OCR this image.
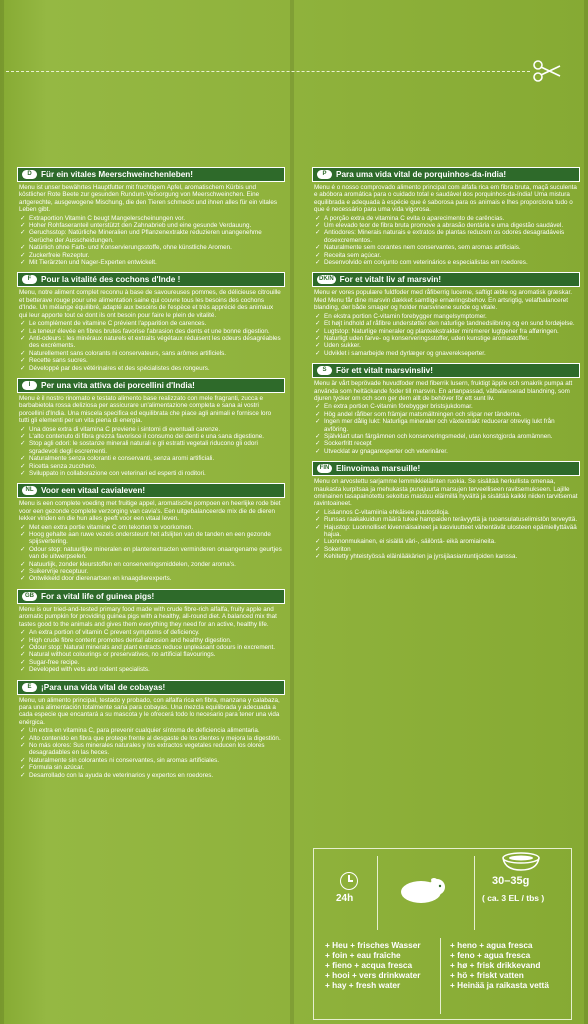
D	Für ein vitales Meerschweinchenleben!
Menu ist unser bewährtes Hauptfutter mit fruchtigem Apfel, aromatischem Kürbis und köstlicher Rote Beete zur gesunden Rundum-Versorgung von Meerschweinchen. Eine artgerechte, ausgewogene Mischung, die den Tieren schmeckt und ihnen alles für ein vitales Leben gibt.
✓ Extraportion Vitamin C beugt Mangelerscheinungen vor.
✓ Hoher Rohfaseranteil unterstützt den Zahnabrieb und eine gesunde Verdauung.
✓ Geruchsstop: Natürliche Mineralien und Pflanzenextrakte reduzieren unangenehme Gerüche der Ausscheidungen.
✓ Natürlich ohne Farb- und Konservierungsstoffe, ohne künstliche Aromen.
✓ Zuckerfreie Rezeptur.
✓ Mit Tierärzten und Nager-Experten entwickelt.
F	Pour la vitalité des cochons d'Inde !
Menu, notre aliment complet reconnu à base de savoureuses pommes, de délicieuse citrouille et betterave rouge pour une alimentation saine qui couvre tous les besoins des cochons d'Inde. Un mélange équilibré, adapté aux besoins de l'espèce et très apprécié des animaux qui leur apporte tout ce dont ils ont besoin pour faire le plein de vitalité.
✓ Le complément de vitamine C prévient l'apparition de carences.
✓ La teneur élevée en fibres brutes favorise l'abrasion des dents et une bonne digestion.
✓ Anti-odeurs : les minéraux naturels et extraits végétaux réduisent les odeurs désagréables des excréments.
✓ Naturellement sans colorants ni conservateurs, sans arômes artificiels.
✓ Recette sans sucres.
✓ Développé par des vétérinaires et des spécialistes des rongeurs.
I	Per una vita attiva dei porcellini d'India!
Menu è il nostro rinomato e testato alimento base realizzato con mele fragranti, zucca e barbabietola rossa deliziosa per assicurare un'alimentazione completa e sana ai vostri porcellini d'India. Una miscela specifica ed equilibrata che piace agli animali e fornisce loro tutti gli elementi per un vita piena di energia.
✓ Una dose extra di vitamina C previene i sintomi di eventuali carenze.
✓ L'alto contenuto di fibra grezza favorisce il consumo dei denti e una sana digestione.
✓ Stop agli odori: le sostanze minerali naturali e gli estratti vegetali riducono gli odori sgradevoli degli escrementi.
✓ Naturalmente senza coloranti e conservanti, senza aromi artificiali.
✓ Ricetta senza zucchero.
✓ Sviluppato in collaborazione con veterinari ed esperti di roditori.
NL Voor een vitaal cavialeven!
Menu is een complete voeding met fruitige appel, aromatische pompoen en heerlijke rode biet voor een gezonde complete verzorging van cavia's. Een uitgebalanceerde mix die de dieren lekker vinden en die hun alles geeft voor een vitaal leven.
✓ Met een extra portie vitamine C om tekorten te voorkomen.
✓ Hoog gehalte aan ruwe vezels ondersteunt het afslijten van de tanden en een gezonde spijsvertering.
✓ Odour stop: natuurlijke mineralen en plantenextracten verminderen onaangename geurtjes van de uitwerpselen.
✓ Natuurlijk, zonder kleurstoffen en conserveringsmiddelen, zonder aroma's.
✓ Suikervrije receptuur.
✓ Ontwikkeld door dierenartsen en knaagdierexperts.
GB For a vital life of guinea pigs!
Menu is our tried-and-tested primary food made with crude fibre-rich alfalfa, fruity apple and aromatic pumpkin for providing guinea pigs with a healthy, all-round diet. A balanced mix that tastes good to the animals and gives them everything they need for an active, healthy life.
✓ An extra portion of vitamin C prevent symptoms of deficiency.
✓ High crude fibre content promotes dental abrasion and healthy digestion.
✓ Odour stop: Natural minerals and plant extracts reduce unpleasant odours in excrement.
✓ Natural without colourings or preservatives, no artificial flavourings.
✓ Sugar-free recipe.
✓ Developed with vets and rodent specialists.
E	¡Para una vida vital de cobayas!
Menu, un alimento principal, testado y probado, con alfalfa rica en fibra, manzana y calabaza, para una alimentación totalmente sana para cobayas. Una mezcla equilibrada y adecuada a cada especie que encantará a su mascota y le ofrecerá todo lo necesario para tener una vida enérgica.
✓ Un extra en vitamina C, para prevenir cualquier síntoma de deficiencia alimentaria.
✓ Alto contenido en fibra que protege frente al desgaste de los dientes y mejora la digestión.
✓ No más olores: Sus minerales naturales y los extractos vegetales reducen los olores desagradables en las heces.
✓ Naturalmente sin colorantes ni conservantes, sin aromas artificiales.
✓ Fórmula sin azúcar.
✓ Desarrollado con la ayuda de veterinarios y expertos en roedores.
P	Para uma vida vital de porquinhos-da-índia!
Menu é o nosso comprovado alimento principal com alfafa rica em fibra bruta, maçã suculenta e abóbora aromática para o cuidado total e saudável dos porquinhos-da-índia! Uma mistura equilibrada e adequada à espécie que é saborosa para os animais e lhes proporciona tudo o que é necessário para uma vida vigorosa.
✓ A porção extra de vitamina C evita o aparecimento de carências.
✓ Um elevado teor de fibra bruta promove a abrasão dentária e uma digestão saudável.
✓ Antiodores: Minerais naturais e extratos de plantas reduzem os odores desagradáveis dosexcrementos.
✓ Naturalmente sem corantes nem conservantes, sem aromas artificiais.
✓ Receita sem açúcar.
✓ Desenvolvido em conjunto com veterinários e especialistas em roedores.
DK/N For et vitalt liv af marsvin!
Menu er vores populære fuldfoder med råfiberrig lucerne, saftigt æble og aromatisk græskar. Med Menu får dine marsvin dækket samtlige ernæringsbehov. En artsrigtig, velafbalanceret blanding, der både smager og holder marsvinene sunde og vitale.
✓ En ekstra portion C-vitamin forebygger mangelsymptomer.
✓ Et højt indhold af råfibre understøtter den naturlige tandnedslibning og en sund fordøjelse.
✓ Lugtstop: Naturlige mineraler og planteekstrakter minimerer lugtgener fra afføringen.
✓ Naturligt uden farve- og konserveringsstoffer, uden kunstige aromastoffer.
✓ Uden sukker.
✓ Udviklet i samarbejde med dyrlæger og gnaverekseperter.
S	För ett vitalt marsvinsliv!
Menu är vårt beprövade huvudfoder med fiberrik lusern, fruktigt äpple och smakrik pumpa att använda som heltäckande foder till marsvin. En artanpassad, välbalanserad blandning, som djuren tycker om och som ger dem allt de behöver för ett sunt liv.
✓ En extra portion C-vitamin förebygger bristsjukdomar.
✓ Hög andel råfiber som främjar matsmältningen och slipar ner tänderna.
✓ Ingen mer dålig lukt: Naturliga mineraler och växtextrakt reducerar otrevlig lukt från avföring.
✓ Självklart utan färgämnen och konserveringsmedel, utan konstgjorda aromämnen.
✓ Sockerfritt recept
✓ Utvecklat av gnagarexperter och veterinärer.
FIN Elinvoimaa marsuille!
Menu on arvostettu sarjamme lemmikkieläinten ruokia. Se sisältää herkullista omenaa, maukasta kurpitsaa ja mehukasta punajuurta marsujen terveelliseen ravitsemukseen. Lajille ominainen tasapainotettu sekoitus maistuu eläimillä hyvältä ja sisältää kaikki niiden tarvitsemat ravintoaineet.
✓ Lisäannos C-vitamiinia ehkäisee puutostiloja.
✓ Runsas raakakuidun määrä tukee hampaiden terävyyttä ja ruoansulatuselimistön terveyttä.
✓ Hajustop: Luonnolliset kivennäisaineet ja kasviuutteet vähentävät ulosteen epämiellyttävää hajua.
✓ Luonnonmukainen, ei sisällä väri-, säilöntä- eikä aromiaineita.
✓ Sokeriton
✓ Kehitetty yhteistyössä eläinlääkärien ja jyrsijäasiantuntijoiden kanssa.
24h
30–35g
( ca. 3 EL / tbs )
+ Heu + frisches Wasser
+ foin + eau fraîche
+ fieno + acqua fresca
+ hooi + vers drinkwater
+ hay + fresh water
+ heno + agua fresca
+ feno + agua fresca
+ hø + frisk drikkevand
+ hö + friskt vatten
+ Heinää ja raikasta vettä
